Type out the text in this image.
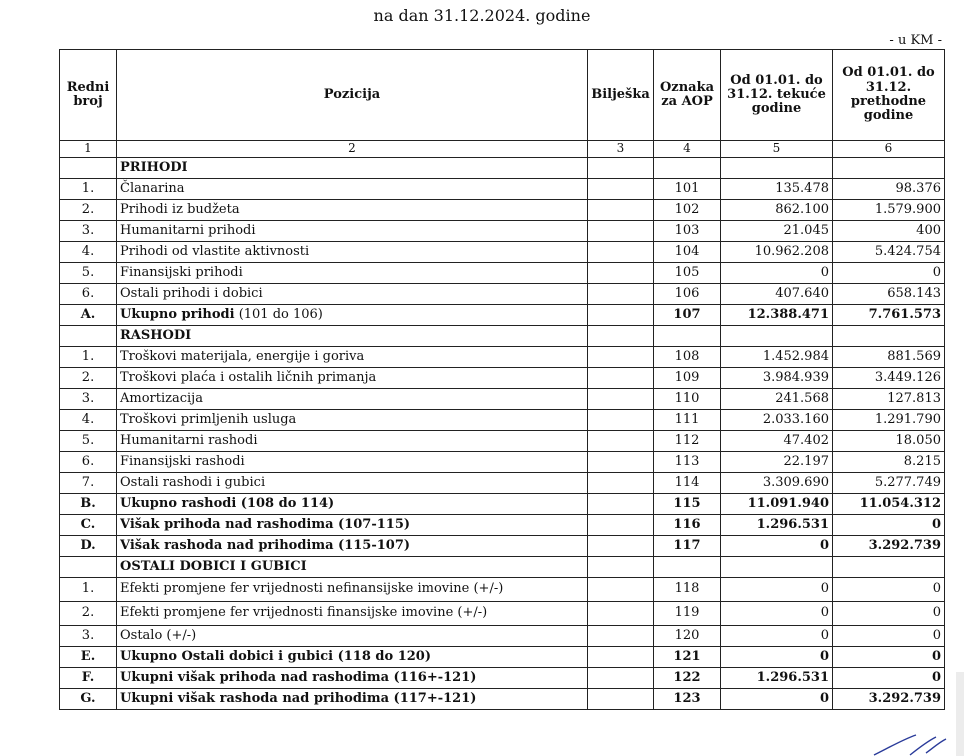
na dan 31.12.2024. godine
- u KM -
Redni broj	Pozicija	Bilješka	Oznaka za AOP	Od 01.01. do 31.12. tekuće godine	Od 01.01. do 31.12. prethodne godine
1	2	3	4	5	6
	PRIHODI				
1.	Članarina		101	135.478	98.376
2.	Prihodi iz budžeta		102	862.100	1.579.900
3.	Humanitarni prihodi		103	21.045	400
4.	Prihodi od vlastite aktivnosti		104	10.962.208	5.424.754
5.	Finansijski prihodi		105	0	0
6.	Ostali prihodi i dobici		106	407.640	658.143
A.	Ukupno prihodi (101 do 106)		107	12.388.471	7.761.573
	RASHODI				
1.	Troškovi materijala, energije i goriva		108	1.452.984	881.569
2.	Troškovi plaća i ostalih ličnih primanja		109	3.984.939	3.449.126
3.	Amortizacija		110	241.568	127.813
4.	Troškovi primljenih usluga		111	2.033.160	1.291.790
5.	Humanitarni rashodi		112	47.402	18.050
6.	Finansijski rashodi		113	22.197	8.215
7.	Ostali rashodi i gubici		114	3.309.690	5.277.749
B.	Ukupno rashodi (108 do 114)		115	11.091.940	11.054.312
C.	Višak prihoda nad rashodima (107-115)		116	1.296.531	0
D.	Višak rashoda nad prihodima (115-107)		117	0	3.292.739
	OSTALI DOBICI I GUBICI				
1.	Efekti promjene fer vrijednosti nefinansijske imovine (+/-)		118	0	0
2.	Efekti promjene fer vrijednosti finansijske imovine (+/-)		119	0	0
3.	Ostalo (+/-)		120	0	0
E.	Ukupno Ostali dobici i gubici (118 do 120)		121	0	0
F.	Ukupni višak prihoda nad rashodima (116+-121)		122	1.296.531	0
G.	Ukupni višak rashoda nad prihodima (117+-121)		123	0	3.292.739
